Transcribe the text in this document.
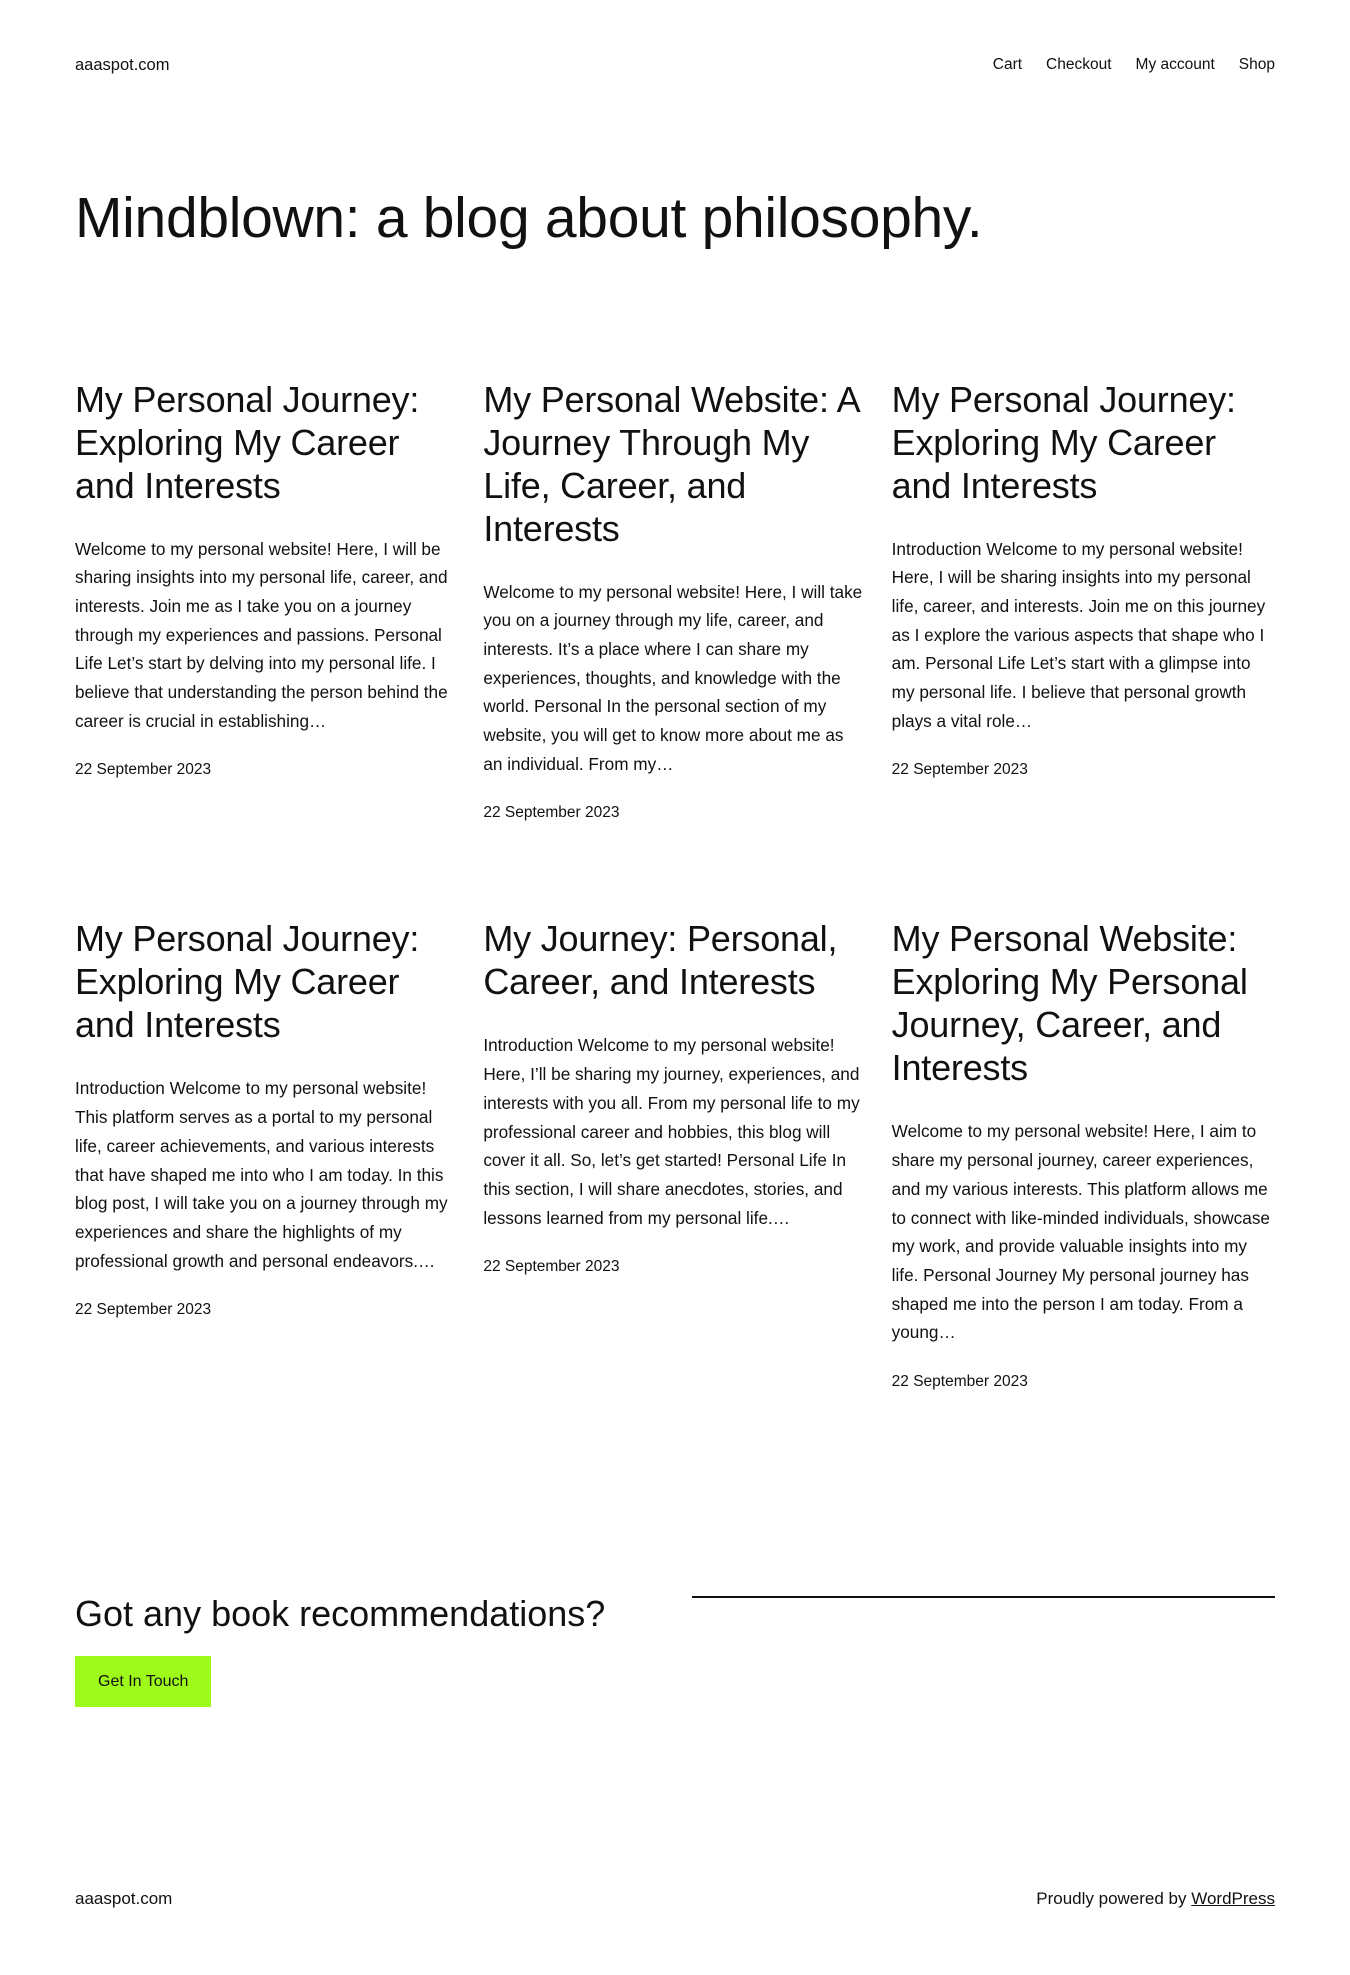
aaaspot.com	Cart Checkout My account Shop
Mindblown: a blog about philosophy.
My Personal Journey: Exploring My Career and Interests

Welcome to my personal website! Here, I will be sharing insights into my personal life, career, and interests. Join me as I take you on a journey through my experiences and passions. Personal Life Let’s start by delving into my personal life. I believe that understanding the person behind the career is crucial in establishing…

22 September 2023
My Personal Website: A Journey Through My Life, Career, and Interests

Welcome to my personal website! Here, I will take you on a journey through my life, career, and interests. It’s a place where I can share my experiences, thoughts, and knowledge with the world. Personal In the personal section of my website, you will get to know more about me as an individual. From my…

22 September 2023
My Personal Journey: Exploring My Career and Interests

Introduction Welcome to my personal website! Here, I will be sharing insights into my personal life, career, and interests. Join me on this journey as I explore the various aspects that shape who I am. Personal Life Let’s start with a glimpse into my personal life. I believe that personal growth plays a vital role…

22 September 2023
My Personal Journey: Exploring My Career and Interests

Introduction Welcome to my personal website! This platform serves as a portal to my personal life, career achievements, and various interests that have shaped me into who I am today. In this blog post, I will take you on a journey through my experiences and share the highlights of my professional growth and personal endeavors.…

22 September 2023
My Journey: Personal, Career, and Interests

Introduction Welcome to my personal website! Here, I’ll be sharing my journey, experiences, and interests with you all. From my personal life to my professional career and hobbies, this blog will cover it all. So, let’s get started! Personal Life In this section, I will share anecdotes, stories, and lessons learned from my personal life.…

22 September 2023
My Personal Website: Exploring My Personal Journey, Career, and Interests

Welcome to my personal website! Here, I aim to share my personal journey, career experiences, and my various interests. This platform allows me to connect with like-minded individuals, showcase my work, and provide valuable insights into my life. Personal Journey My personal journey has shaped me into the person I am today. From a young…

22 September 2023
Got any book recommendations?
Get In Touch
aaaspot.com	Proudly powered by WordPress
